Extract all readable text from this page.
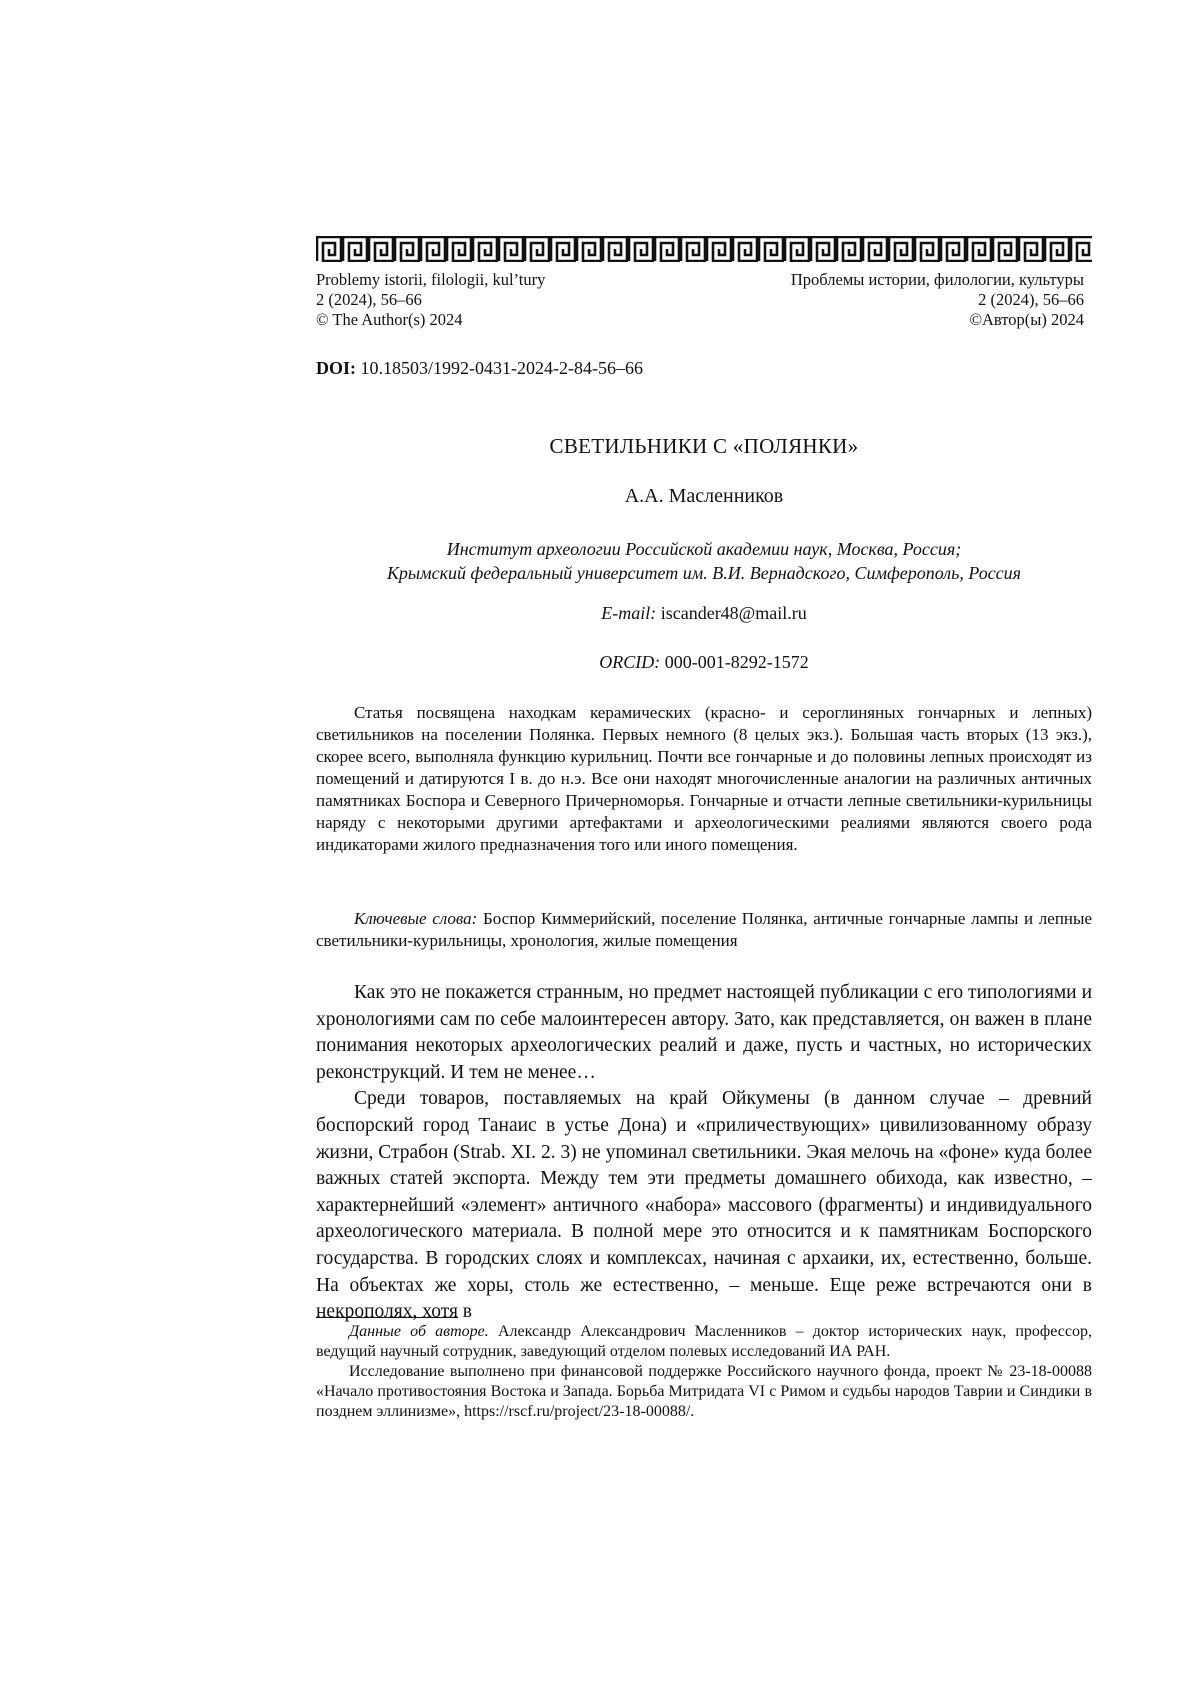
Problemy istorii, filologii, kul’tury
2 (2024), 56–66
© The Author(s) 2024
Проблемы истории, филологии, культуры
2 (2024), 56–66
©Автор(ы) 2024
DOI: 10.18503/1992-0431-2024-2-84-56–66
СВЕТИЛЬНИКИ С «ПОЛЯНКИ»
А.А. Масленников
Институт археологии Российской академии наук, Москва, Россия;
Крымский федеральный университет им. В.И. Вернадского, Симферополь, Россия
E-mail: iscander48@mail.ru
ORCID: 000-001-8292-1572

Статья посвящена находкам керамических (красно- и сероглиняных гончарных и лепных) светильников на поселении Полянка. Первых немного (8 целых экз.). Большая часть вторых (13 экз.), скорее всего, выполняла функцию курильниц. Почти все гончарные и до половины лепных происходят из помещений и датируются I в. до н.э. Все они находят многочисленные аналогии на различных античных памятниках Боспора и Северного Причерноморья. Гончарные и отчасти лепные светильники-курильницы наряду с некоторыми другими артефактами и археологическими реалиями являются своего рода индикаторами жилого предназначения того или иного помещения.

Ключевые слова: Боспор Киммерийский, поселение Полянка, античные гончарные лампы и лепные светильники-курильницы, хронология, жилые помещения

Как это не покажется странным, но предмет настоящей публикации с его типологиями и хронологиями сам по себе малоинтересен автору. Зато, как представляется, он важен в плане понимания некоторых археологических реалий и даже, пусть и частных, но исторических реконструкций. И тем не менее…

Среди товаров, поставляемых на край Ойкумены (в данном случае – древний боспорский город Танаис в устье Дона) и «приличествующих» цивилизованному образу жизни, Страбон (Strab. XI. 2. 3) не упоминал светильники. Экая мелочь на «фоне» куда более важных статей экспорта. Между тем эти предметы домашнего обихода, как известно, – характернейший «элемент» античного «набора» массового (фрагменты) и индивидуального археологического материала. В полной мере это относится и к памятникам Боспорского государства. В городских слоях и комплексах, начиная с архаики, их, естественно, больше. На объектах же хоры, столь же естественно, – меньше. Еще реже встречаются они в некрополях, хотя в

Данные об авторе. Александр Александрович Масленников – доктор исторических наук, профессор, ведущий научный сотрудник, заведующий отделом полевых исследований ИА РАН.

Исследование выполнено при финансовой поддержке Российского научного фонда, проект № 23-18-00088 «Начало противостояния Востока и Запада. Борьба Митридата VI с Римом и судьбы народов Таврии и Синдики в позднем эллинизме», https://rscf.ru/project/23-18-00088/.
